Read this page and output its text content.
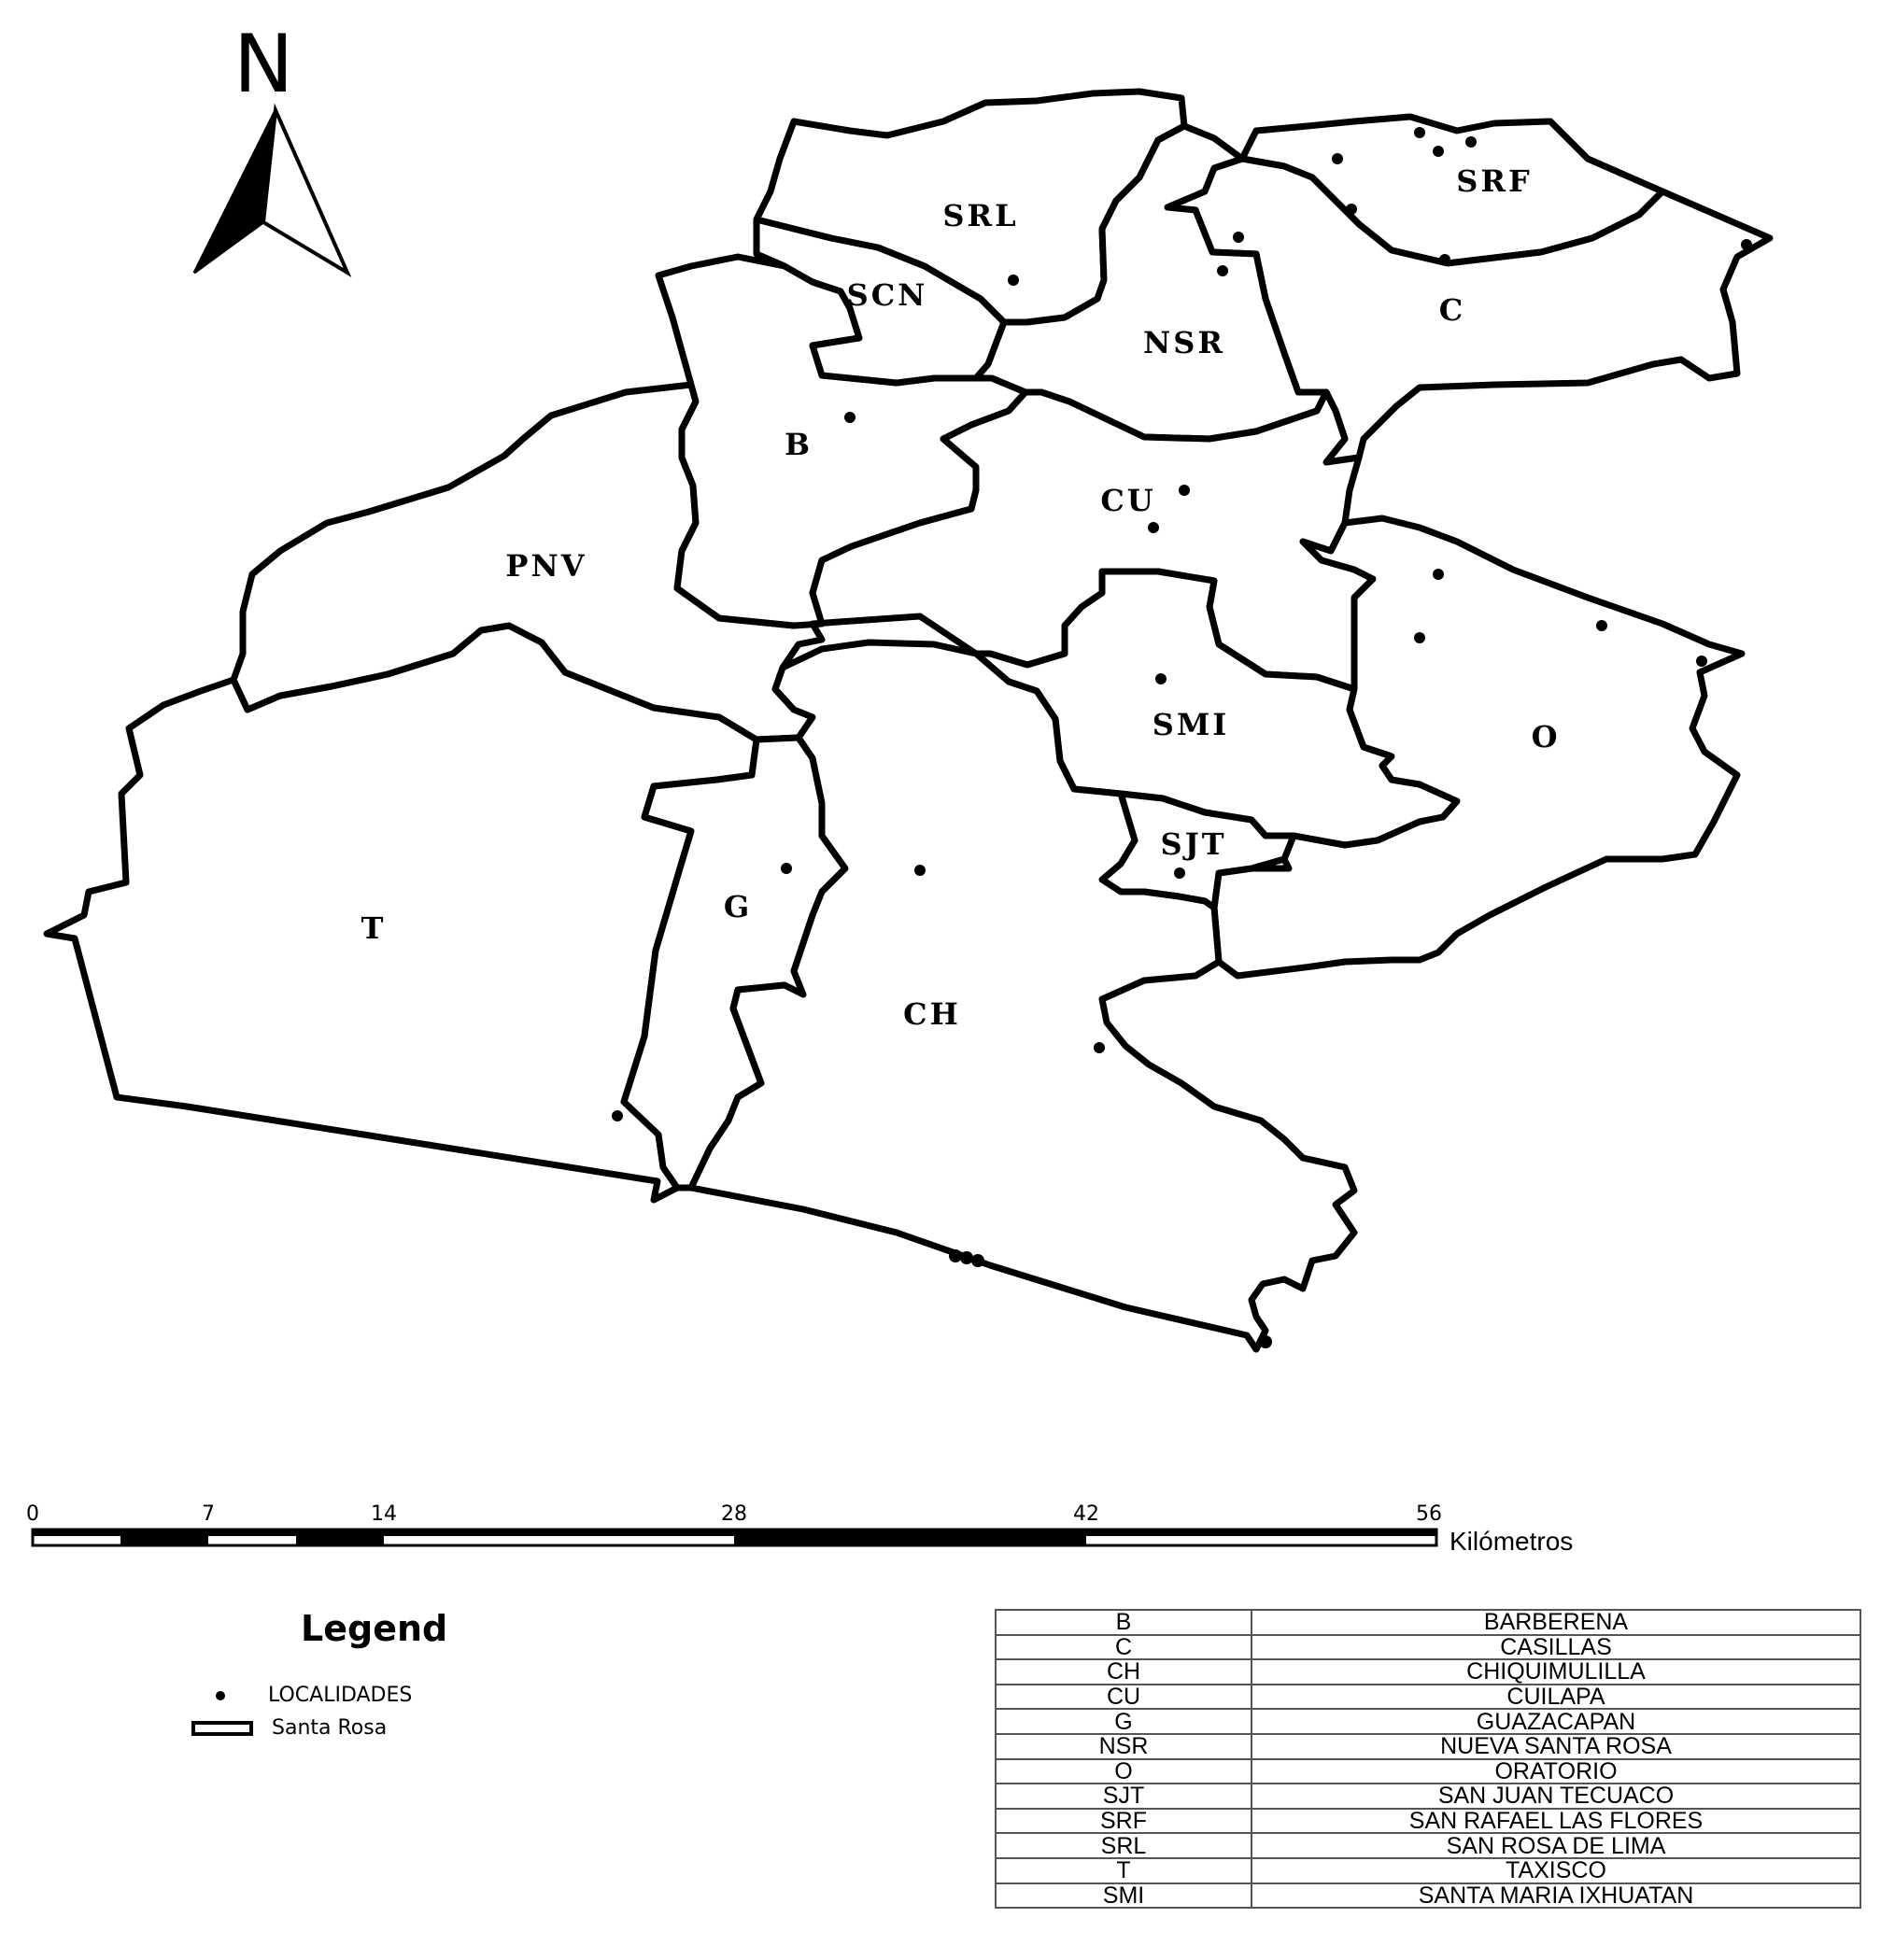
N
SRL
SRF
SCN
NSR
C
B
CU
PNV
SMI	O
SJT
G
T
CH
0	7	14	28	42	56
Kilómetros
Legend
LOCALIDADES
Santa Rosa
B	BARBERENA
C	CASILLAS
CH	CHIQUIMULILLA
CU	CUILAPA
G	GUAZACAPAN
NSR	NUEVA SANTA ROSA
O	ORATORIO
SJT	SAN JUAN TECUACO
SRF	SAN RAFAEL LAS FLORES
SRL	SAN ROSA DE LIMA
T	TAXISCO
SMI	SANTA MARIA IXHUATAN
